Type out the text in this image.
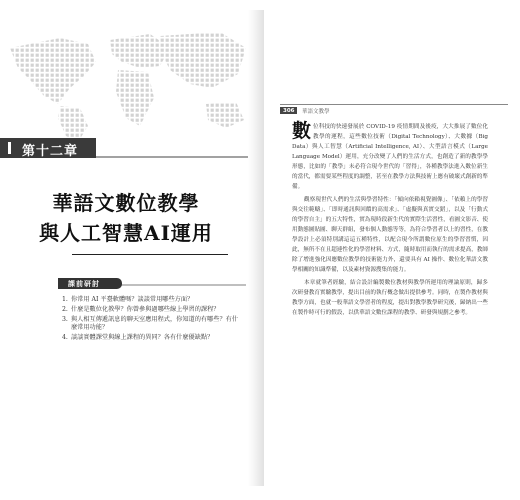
第十二章
華語文數位教學
與人工智慧AI運用
課前研討
1. 你常用 AI 平臺軟體嗎？談談常用哪些方面？
2. 什麼是數位化教學？你曾參與過哪些線上學習的課程？
3. 與人相互傳遞訊息的聊天室應用程式，你知道的有哪些？有什麼常用功能？
4. 談談實體課堂與線上課程的異同？各有什麼優缺點？
306	華語文教學

數位科技的快速發展於 COVID-19 疫情期間及後疫，大大推展了數位化教學的運程，這些數位技術（Digital Technology）、大數據（Big Data）與人工智慧（Artificial Intelligence, AI）、大型語言模式（Large Language Model）運用，充分改變了人們的生活方式，也創造了新的教學學形態，比如的「教學」未必符合現今世代的「習得」，各種教學法進入數位新生的當代，都需要某些程度的調整，甚至在教學方法與技術上應有破壞式創新的準備。

觀察現世代人們的生活與學習特性：「傾向依賴視覺圖像」、「依賴上的學習與交往範疇」、「即時通訊與回饋的高需求」、「虛擬與真實交錯」，以及「行動式的學習自主」的五大特性，實為現時段新生代的實際生活習性，看圖文影音、使用動態圖貼圖、聊天群組，發布個人動態等等，為符合學習者以上的習性，在教學設計上必須特別講這這五種特性，以配合現今所謂數位原生的學習習慣，因此，無所不在且超連性化的學習材料、方式，隨時取用而執行的需求提高，教師除了增進強化因應數位教學的技術能力外，還要具有 AI 操作、數位化華語文教學相關的知識準備，以及素材資源搜集的能力。

本章就筆者經驗，結合設計編製數位教材與教學所運用的理論原則，歸多次研發教育實驗教學，提出目前的執行概念做出提供參考。同時，在製作教材與教學方面，也就一般華語文學習者的程度，提出對教學教學研究後，歸納出一些在製作時可行的假設，以供華語文數位課程的教學、研發與規劃之參考。
